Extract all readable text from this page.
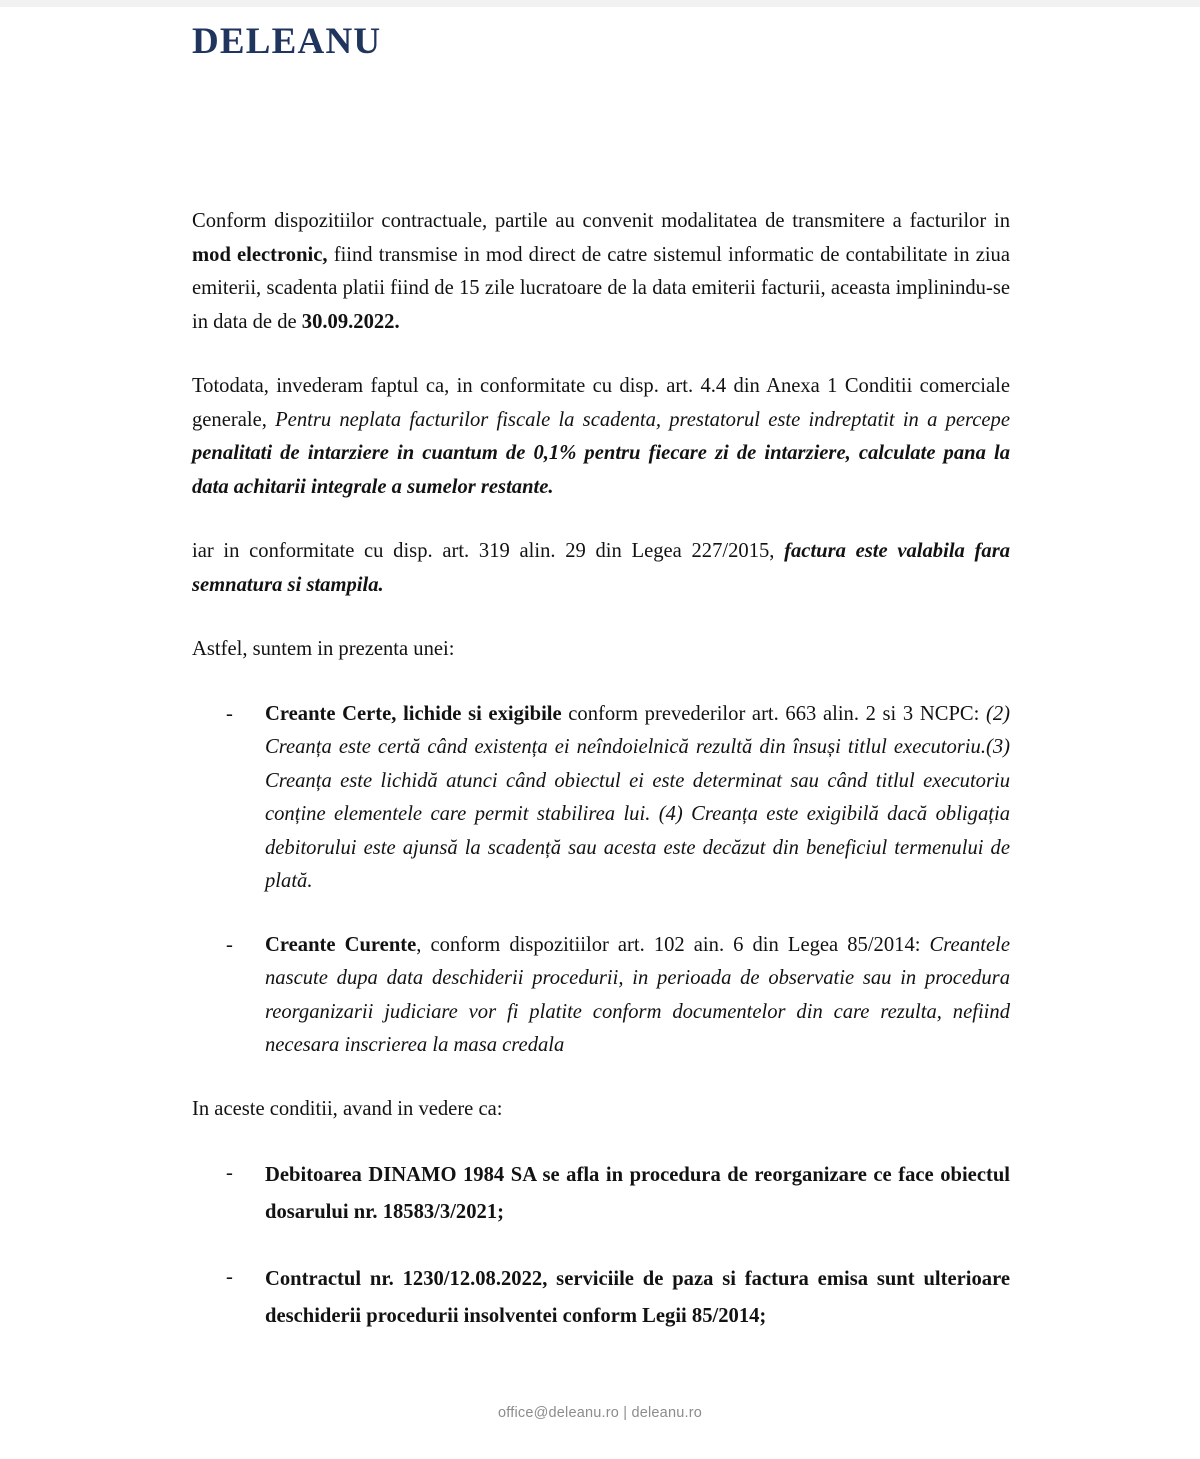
DELEANU

Conform dispozitiilor contractuale, partile au convenit modalitatea de transmitere a facturilor in mod electronic, fiind transmise in mod direct de catre sistemul informatic de contabilitate in ziua emiterii, scadenta platii fiind de 15 zile lucratoare de la data emiterii facturii, aceasta implinindu-se in data de de 30.09.2022.

Totodata, invederam faptul ca, in conformitate cu disp. art. 4.4 din Anexa 1 Conditii comerciale generale, Pentru neplata facturilor fiscale la scadenta, prestatorul este indreptatit in a percepe penalitati de intarziere in cuantum de 0,1% pentru fiecare zi de intarziere, calculate pana la data achitarii integrale a sumelor restante.

iar in conformitate cu disp. art. 319 alin. 29 din Legea 227/2015, factura este valabila fara semnatura si stampila.

Astfel, suntem in prezenta unei:

-	Creante Certe, lichide si exigibile conform prevederilor art. 663 alin. 2 si 3 NCPC: (2) Creanța este certă când existența ei neîndoielnică rezultă din însuși titlul executoriu.(3) Creanța este lichidă atunci când obiectul ei este determinat sau când titlul executoriu conține elementele care permit stabilirea lui. (4) Creanța este exigibilă dacă obligația debitorului este ajunsă la scadență sau acesta este decăzut din beneficiul termenului de plată.
-	Creante Curente, conform dispozitiilor art. 102 ain. 6 din Legea 85/2014: Creantele nascute dupa data deschiderii procedurii, in perioada de observatie sau in procedura reorganizarii judiciare vor fi platite conform documentelor din care rezulta, nefiind necesara inscrierea la masa credala

In aceste conditii, avand in vedere ca:

-	Debitoarea DINAMO 1984 SA se afla in procedura de reorganizare ce face obiectul dosarului nr. 18583/3/2021;
-	Contractul nr. 1230/12.08.2022, serviciile de paza si factura emisa sunt ulterioare deschiderii procedurii insolventei conform Legii 85/2014;
office@deleanu.ro | deleanu.ro
